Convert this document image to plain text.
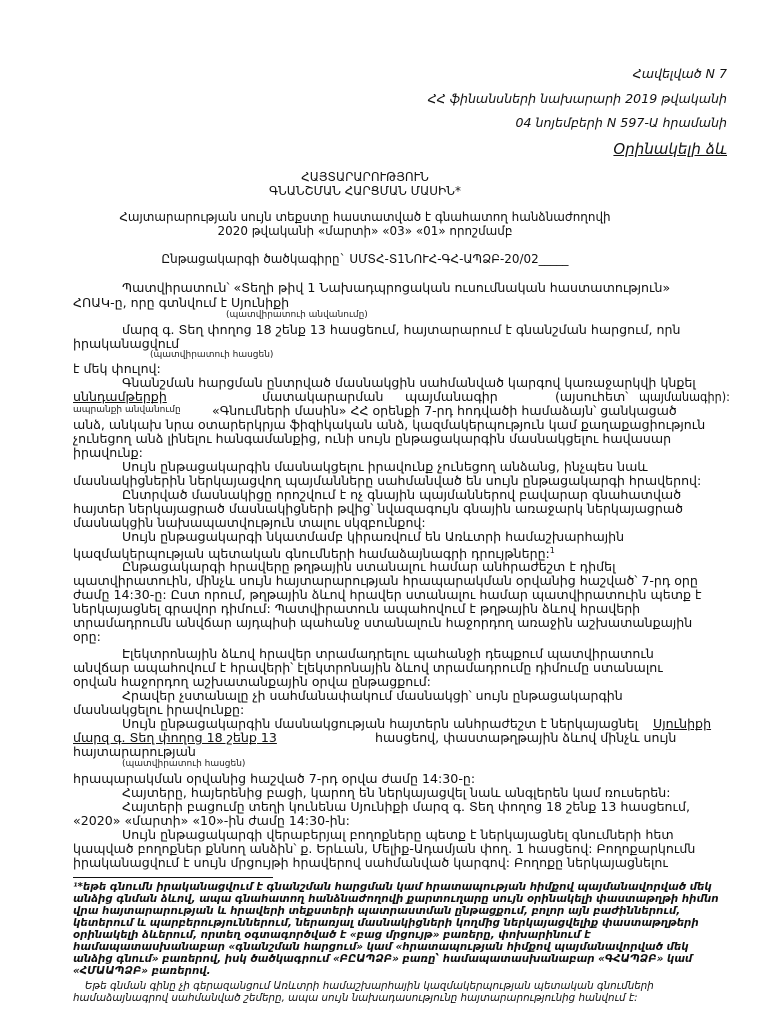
Հավելված N 7
ՀՀ ֆինանսների նախարարի 2019 թվականի
04 նոյեմբերի N 597-Ա հրամանի
Օրինակելի ձև
ՀԱՅՏԱՐԱՐՈՒԹՅՈՒՆ
ԳՆԱՆՇՄԱՆ ՀԱՐՑՄԱՆ ՄԱՍԻՆ*
Հայտարարության սույն տեքստը հաստատված է գնահատող հանձնաժողովի
2020 թվականի «մարտի» «03» «01» որոշմամբ
Ընթացակարգի ծածկագիրը` ՍՄՏՀ-Տ1ՆՈՒՀ-ԳՀ-ԱՊՁԲ-20/02_____
Պատվիրատուն՝ «Տեղի թիվ 1 Նախադպրոցական ուսումնական հաստատություն»
ՀՈԱԿ-ը, որը գտնվում է Սյունիքի
(պատվիրատուի անվանումը)
մարզ գ. Տեղ փողոց 18 շենք 13 հասցեում, հայտարարում է գնանշման հարցում, որն
իրականացվում
(պատվիրատուի հասցեն)
է մեկ փուլով:
Գնանշման հարցման ընտրված մասնակցին սահմանված կարգով կառաջարկվի կնքել
սննդամթերքի	մատակարարման պայմանագիր	(այսուհետ՝ պայմանագիր):
ապրանքի անվանումը «Գնումների մասին» ՀՀ օրենքի 7-րդ հոդվածի համաձայն՝ ցանկացած
անձ, անկախ նրա օտարերկրյա ֆիզիկական անձ, կազմակերպություն կամ քաղաքացիություն
չունեցող անձ լինելու հանգամանքից, ունի սույն ընթացակարգին մասնակցելու հավասար
իրավունք:
Սույն ընթացակարգին մասնակցելու իրավունք չունեցող անձանց, ինչպես նաև
մասնակիցներին ներկայացվող պայմանները սահմանված են սույն ընթացակարգի հրավերով:
Ընտրված մասնակիցը որոշվում է ոչ գնային պայմաններով բավարար գնահատված
հայտեր ներկայացրած մասնակիցների թվից՝ նվազագույն գնային առաջարկ ներկայացրած
մասնակցին նախապատվություն տալու սկզբունքով:
Սույն ընթացակարգի նկատմամբ կիրառվում են Առևտրի համաշխարհային
կազմակերպության պետական գնումների համաձայնագրի դրույթները:$^1$
Ընթացակարգի հրավերը թղթային ստանալու համար անհրաժեշտ է դիմել
պատվիրատուին, մինչև սույն հայտարարության հրապարակման օրվանից հաշված՝ 7-րդ օրը
ժամը 14:30-ը: Ըստ որում, թղթային ձևով հրավեր ստանալու համար պատվիրատուին պետք է
ներկայացնել գրավոր դիմում: Պատվիրատուն ապահովում է թղթային ձևով հրավերի
տրամադրումն անվճար այդպիսի պահանջ ստանալուն հաջորդող առաջին աշխատանքային
օրը:
Էլեկտրոնային ձևով հրավեր տրամադրելու պահանջի դեպքում պատվիրատուն
անվճար ապահովում է հրավերի՝ էլեկտրոնային ձևով տրամադրումը դիմումը ստանալու
օրվան հաջորդող աշխատանքային օրվա ընթացքում:
Հրավեր չստանալը չի սահմանափակում մասնակցի՝ սույն ընթացակարգին
մասնակցելու իրավունքը:
Սույն ընթացակարգին մասնակցության հայտերն անհրաժեշտ է ներկայացնել Սյունիքի
մարզ գ. Տեղ փողոց 18 շենք 13	հասցեով, փաստաթղթային ձևով մինչև սույն
հայտարարության
(պատվիրատուի հասցեն)
հրապարակման օրվանից հաշված 7-րդ օրվա ժամը 14:30-ը:
Հայտերը, հայերենից բացի, կարող են ներկայացվել նաև անգլերեն կամ ռուսերեն:
Հայտերի բացումը տեղի կունենա Սյունիքի մարզ գ. Տեղ փողոց 18 շենք 13 հասցեում,
«2020» «մարտի» «10»-ին ժամը 14:30-ին:
Սույն ընթացակարգի վերաբերյալ բողոքները պետք է ներկայացնել գնումների հետ
կապված բողոքներ քննող անձին՝ ք. Երևան, Մելիք-Ադամյան փող. 1 հասցեով: Բողոքարկումն
իրականացվում է սույն մրցույթի հրավերով սահմանված կարգով: Բողոքը ներկայացնելու
¹*եթե գնումն իրականացվում է գնանշման հարցման կամ հրատապության հիմքով պայմանավորված մեկ
անձից գնման ձևով, ապա գնահատող հանձնաժողովի քարտուղարը սույն օրինակելի փաստաթղթի հիմնո
վրա հայտարարության և հրավերի տեքստերի պատրաստման ընթացքում, բոլոր այն բաժիններում,
կետերում և պարբերություններում, ներառյալ մասնակիցների կողմից ներկայացվելիք փաստաթղթերի
օրինակելի ձևերում, որտեղ օգտագործված է «բաց մրցույթ» բառերը, փոխարինում է
համապատասխանաբար «գնանշման հարցում» կամ «հրատապության հիմքով պայմանավորված մեկ
անձից գնում» բառերով, իսկ ծածկագրում «ԲԸԱՊՁԲ» բառը՝ համապատասխանաբար «ԳՀԱՊՁԲ» կամ
«ՀՄԱԱՊՁԲ» բառերով.
Եթե գնման գինը չի գերազանցում Առևտրի համաշխարհային կազմակերպության պետական գնումների
համաձայնագրով սահմանված շեմերը, ապա սույն նախադասությունը հայտարարությունից հանվում է:
